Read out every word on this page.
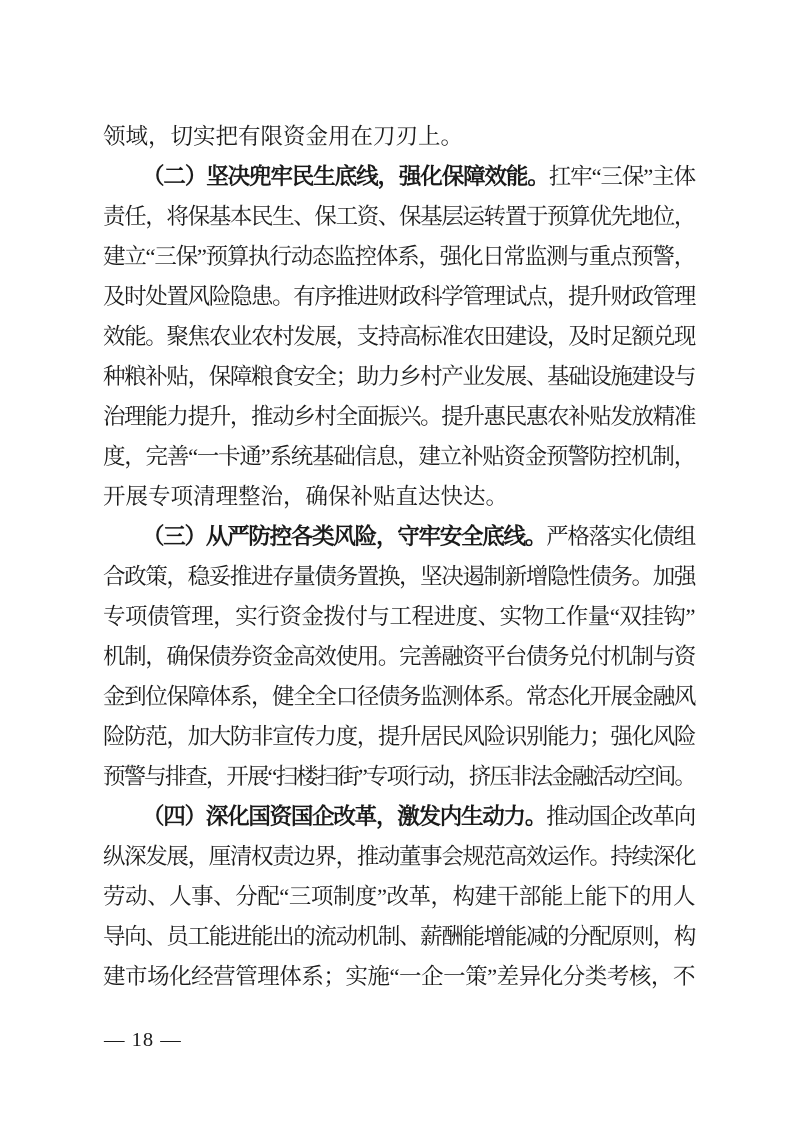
领域，切实把有限资金用在刀刃上。
（二）坚决兜牢民生底线，强化保障效能。扛牢“三保”主体
责任，将保基本民生、保工资、保基层运转置于预算优先地位，
建立“三保”预算执行动态监控体系，强化日常监测与重点预警，
及时处置风险隐患。有序推进财政科学管理试点，提升财政管理
效能。聚焦农业农村发展，支持高标准农田建设，及时足额兑现
种粮补贴，保障粮食安全；助力乡村产业发展、基础设施建设与
治理能力提升，推动乡村全面振兴。提升惠民惠农补贴发放精准
度，完善“一卡通”系统基础信息，建立补贴资金预警防控机制，
开展专项清理整治，确保补贴直达快达。
（三）从严防控各类风险，守牢安全底线。严格落实化债组
合政策，稳妥推进存量债务置换，坚决遏制新增隐性债务。加强
专项债管理，实行资金拨付与工程进度、实物工作量“双挂钩”
机制，确保债券资金高效使用。完善融资平台债务兑付机制与资
金到位保障体系，健全全口径债务监测体系。常态化开展金融风
险防范，加大防非宣传力度，提升居民风险识别能力；强化风险
预警与排查，开展“扫楼扫街”专项行动，挤压非法金融活动空间。
（四）深化国资国企改革，激发内生动力。推动国企改革向
纵深发展，厘清权责边界，推动董事会规范高效运作。持续深化
劳动、人事、分配“三项制度”改革，构建干部能上能下的用人
导向、员工能进能出的流动机制、薪酬能增能减的分配原则，构
建市场化经营管理体系；实施“一企一策”差异化分类考核，不
— 18 —
